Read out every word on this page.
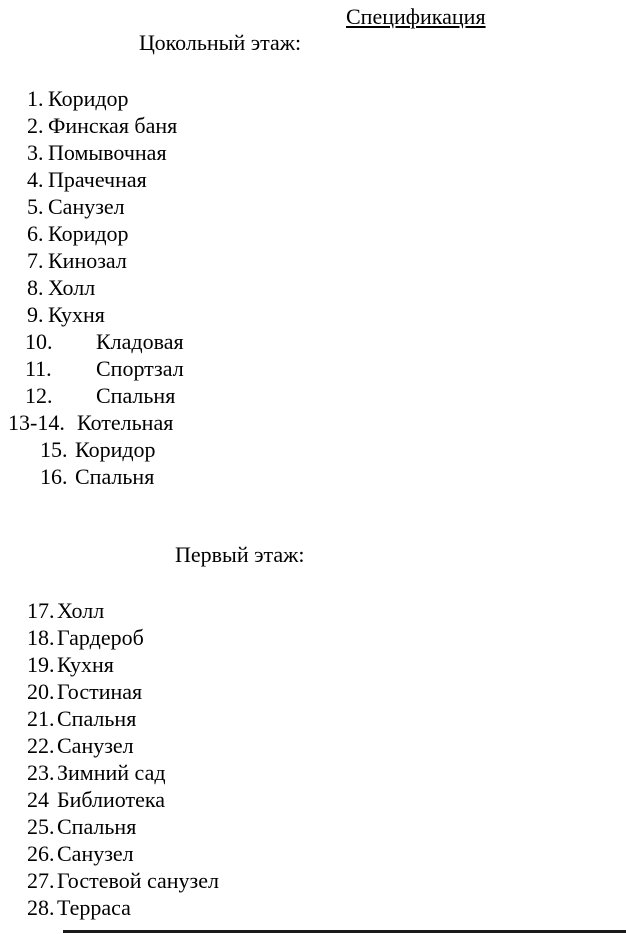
Спецификация
Цокольный этаж:
1. Коридор
2. Финская баня
3. Помывочная
4. Прачечная
5. Санузел
6. Коридор
7. Кинозал
8. Холл
9. Кухня
10. Кладовая
11. Спортзал
12. Спальня
13-14. Котельная
15. Коридор
16. Спальня
Первый этаж:
17. Холл
18. Гардероб
19. Кухня
20. Гостиная
21. Спальня
22. Санузел
23. Зимний сад
24 Библиотека
25. Спальня
26. Санузел
27. Гостевой санузел
28. Терраса
